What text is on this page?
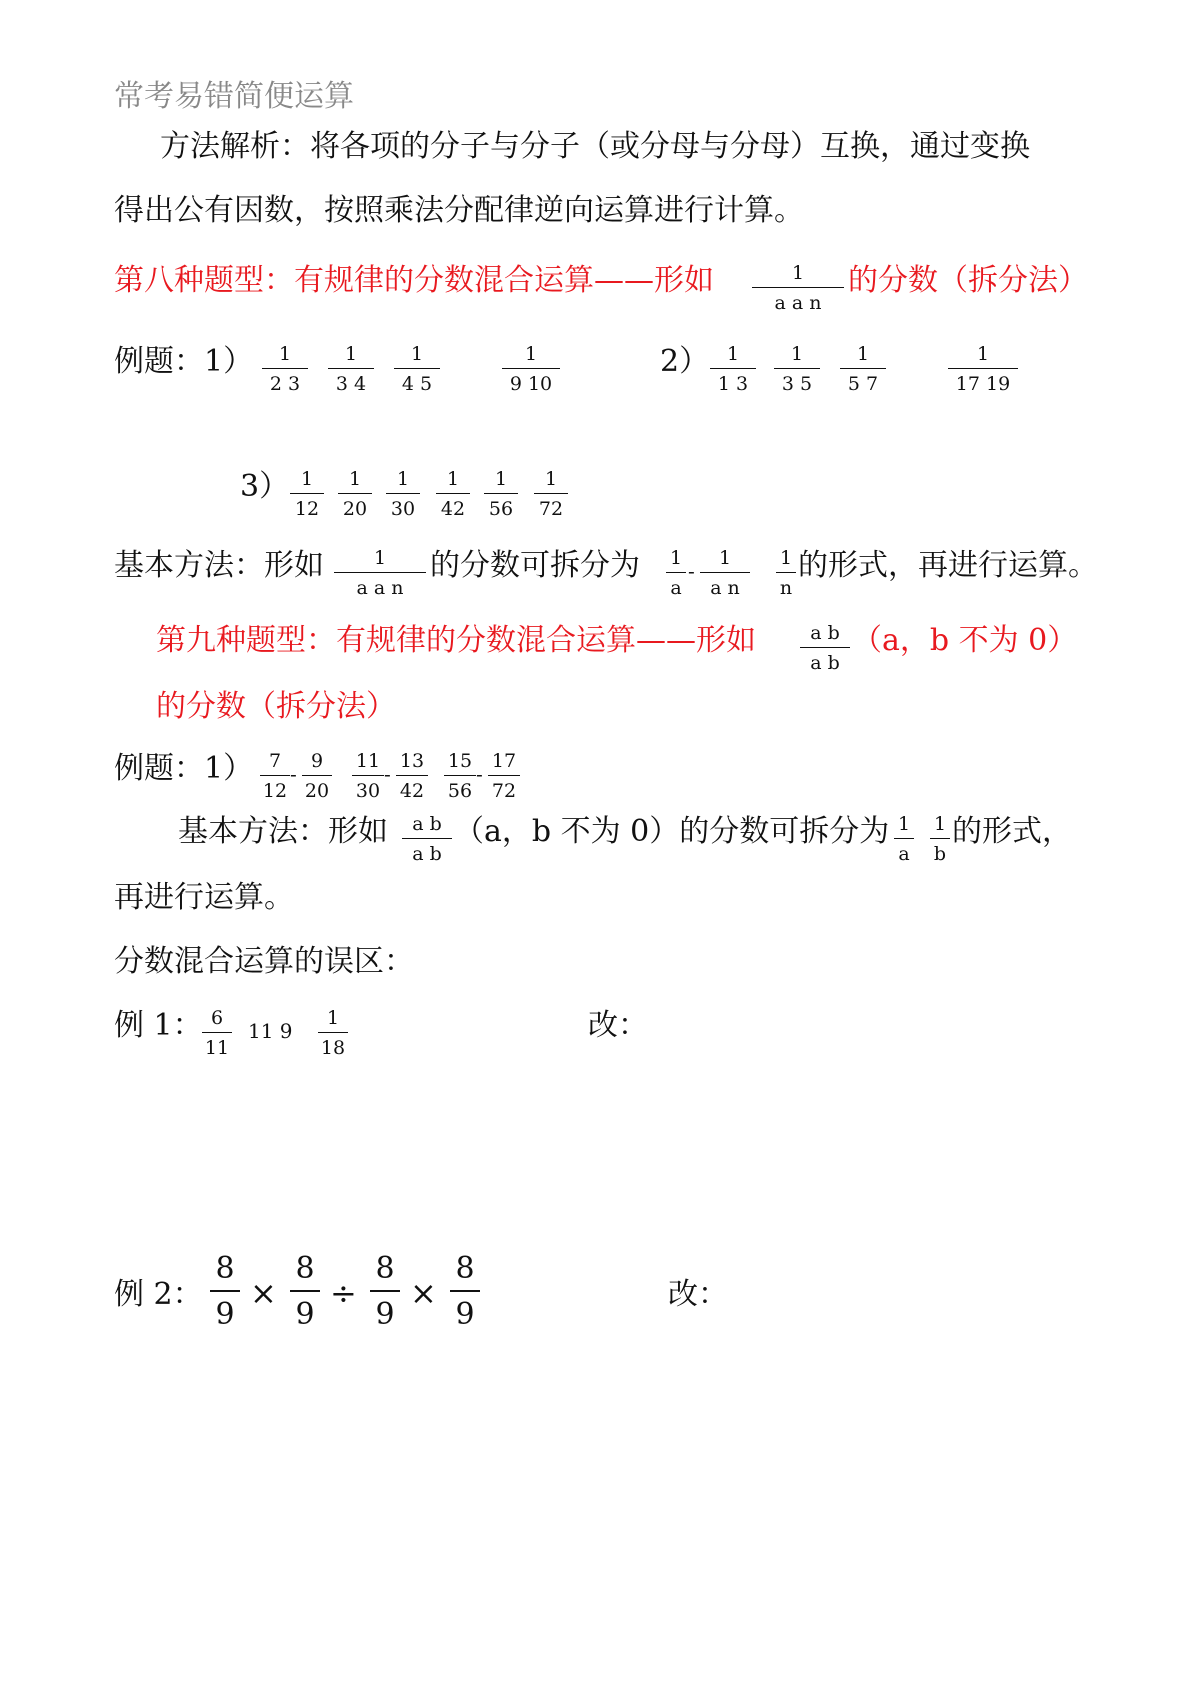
常考易错简便运算
方法解析：将各项的分子与分子（或分母与分母）互换，通过变换
得出公有因数，按照乘法分配律逆向运算进行计算。
第八种题型：有规律的分数混合运算——形如	1
a a n
的分数（拆分法）
例题：1） 1
2 3
1
3 4
1
4 5
1
9 10
2） 1
1 3
1
3 5
1
5 7
1
17 19
3） 1
12
1
20
1
30
1
42
1
56
1
72
基本方法：形如	1
a a n
的分数可拆分为 1
a
-
1
a n
1
n
的形式，再进行运算。
第九种题型：有规律的分数混合运算——形如	a b
a b
（a，b 不为 0）
的分数（拆分法）
例题：1） 7
12
-
9
20
11
30
-
13
42
15
56
-
17
72
基本方法：形如 a b
a b
（a，b 不为 0）的分数可拆分为 1
a
1
b
的形式，
再进行运算。
分数混合运算的误区：
例 1： 6
11
11 9
1
18
改：
例 2：
8
9
×
8
9
÷
8
9
×
8
9
改：
